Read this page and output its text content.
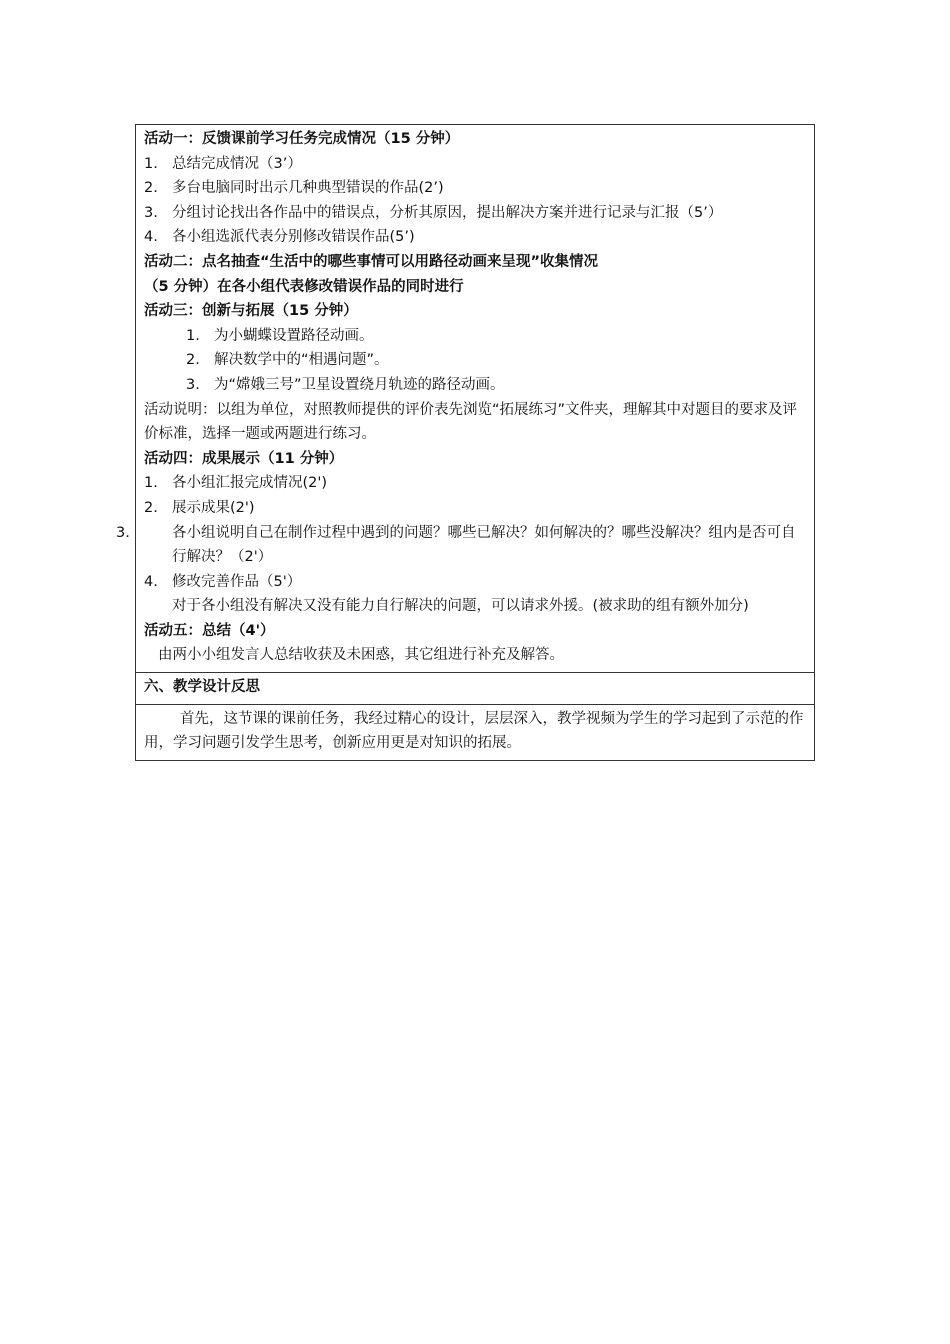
活动一：反馈课前学习任务完成情况（15 分钟）
1. 总结完成情况（3’）
2. 多台电脑同时出示几种典型错误的作品(2’)
3. 分组讨论找出各作品中的错误点，分析其原因，提出解决方案并进行记录与汇报（5’）
4. 各小组选派代表分别修改错误作品(5’)
活动二：点名抽查“生活中的哪些事情可以用路径动画来呈现”收集情况
（5 分钟）在各小组代表修改错误作品的同时进行
活动三：创新与拓展（15 分钟）
1. 为小蝴蝶设置路径动画。
2. 解决数学中的“相遇问题”。
3. 为“嫦娥三号”卫星设置绕月轨迹的路径动画。
活动说明：以组为单位，对照教师提供的评价表先浏览“拓展练习”文件夹，理解其中对题目的要求及评价标准，选择一题或两题进行练习。
活动四：成果展示（11 分钟）
1. 各小组汇报完成情况(2')
2. 展示成果(2')
3.	各小组说明自己在制作过程中遇到的问题？哪些已解决？如何解决的？哪些没解决？组内是否可自行解决？（2'）
4. 修改完善作品（5'）
对于各小组没有解决又没有能力自行解决的问题，可以请求外援。(被求助的组有额外加分)
活动五：总结（4'）
由两小小组发言人总结收获及未困惑，其它组进行补充及解答。
六、教学设计反思
首先，这节课的课前任务，我经过精心的设计，层层深入，教学视频为学生的学习起到了示范的作用，学习问题引发学生思考，创新应用更是对知识的拓展。
